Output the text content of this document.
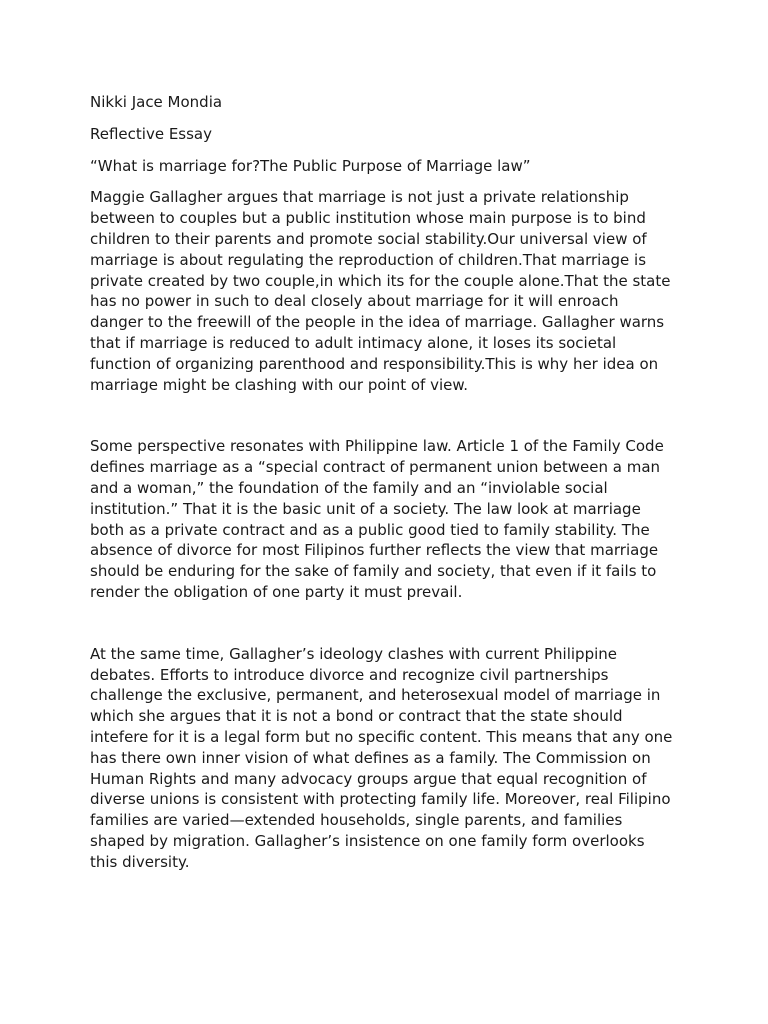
Nikki Jace Mondia

Reflective Essay

“What is marriage for?The Public Purpose of Marriage law”

Maggie Gallagher argues that marriage is not just a private relationship
between to couples but a public institution whose main purpose is to bind
children to their parents and promote social stability.Our universal view of
marriage is about regulating the reproduction of children.That marriage is
private created by two couple,in which its for the couple alone.That the state
has no power in such to deal closely about marriage for it will enroach
danger to the freewill of the people in the idea of marriage. Gallagher warns
that if marriage is reduced to adult intimacy alone, it loses its societal
function of organizing parenthood and responsibility.This is why her idea on
marriage might be clashing with our point of view.
Some perspective resonates with Philippine law. Article 1 of the Family Code
defines marriage as a “special contract of permanent union between a man
and a woman,” the foundation of the family and an “inviolable social
institution.” That it is the basic unit of a society. The law look at marriage
both as a private contract and as a public good tied to family stability. The
absence of divorce for most Filipinos further reflects the view that marriage
should be enduring for the sake of family and society, that even if it fails to
render the obligation of one party it must prevail.
At the same time, Gallagher’s ideology clashes with current Philippine
debates. Efforts to introduce divorce and recognize civil partnerships
challenge the exclusive, permanent, and heterosexual model of marriage in
which she argues that it is not a bond or contract that the state should
intefere for it is a legal form but no specific content. This means that any one
has there own inner vision of what defines as a family. The Commission on
Human Rights and many advocacy groups argue that equal recognition of
diverse unions is consistent with protecting family life. Moreover, real Filipino
families are varied—extended households, single parents, and families
shaped by migration. Gallagher’s insistence on one family form overlooks
this diversity.
